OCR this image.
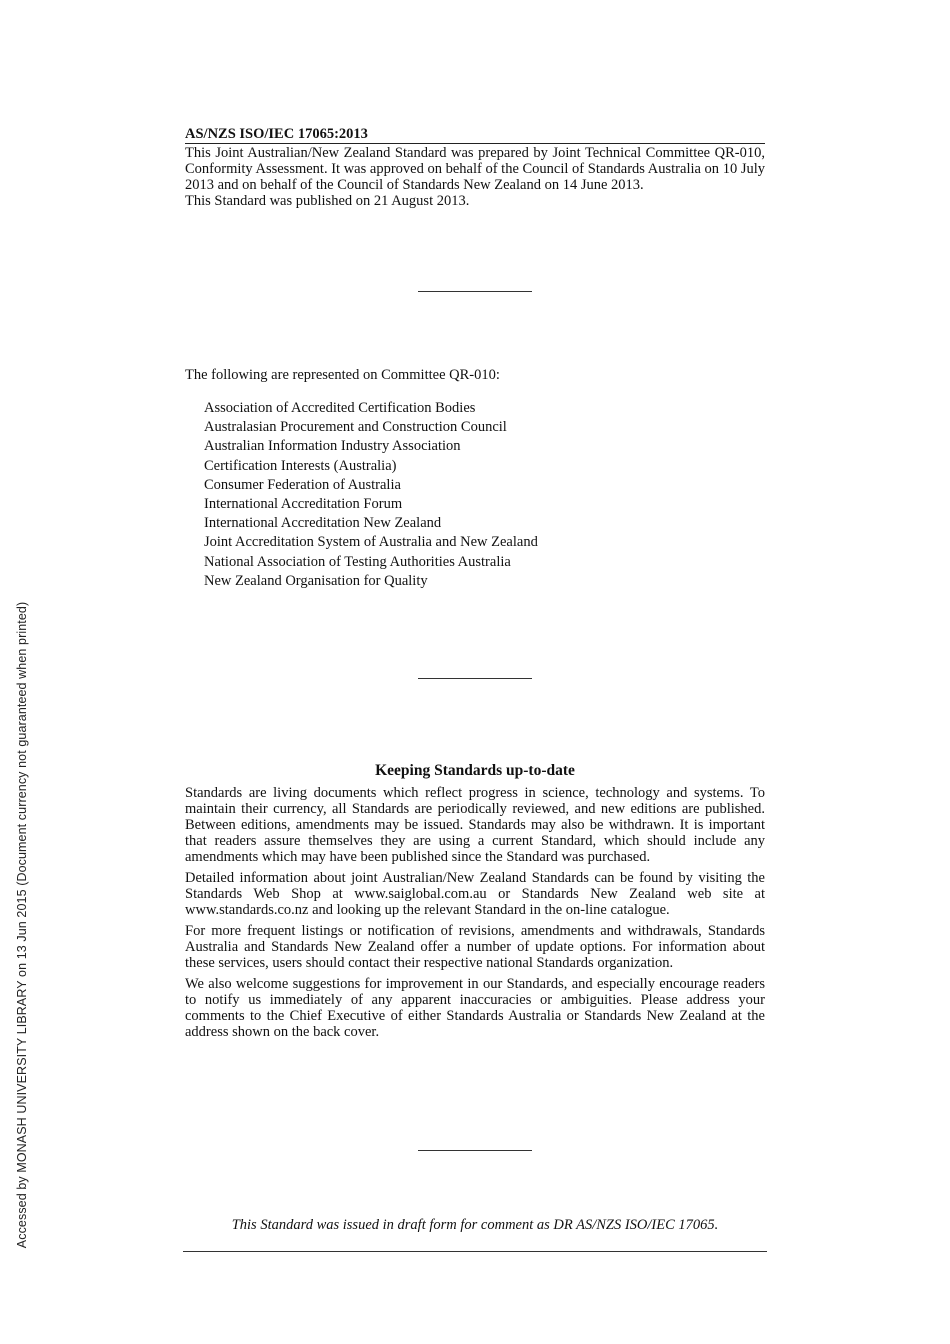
Accessed by MONASH UNIVERSITY LIBRARY on 13 Jun 2015 (Document currency not guaranteed when printed)
AS/NZS ISO/IEC 17065:2013

This Joint Australian/New Zealand Standard was prepared by Joint Technical Committee QR-010, Conformity Assessment. It was approved on behalf of the Council of Standards Australia on 10 July 2013 and on behalf of the Council of Standards New Zealand on 14 June 2013.

This Standard was published on 21 August 2013.

The following are represented on Committee QR-010:

Association of Accredited Certification Bodies
Australasian Procurement and Construction Council
Australian Information Industry Association
Certification Interests (Australia)
Consumer Federation of Australia
International Accreditation Forum
International Accreditation New Zealand
Joint Accreditation System of Australia and New Zealand
National Association of Testing Authorities Australia
New Zealand Organisation for Quality
Keeping Standards up-to-date

Standards are living documents which reflect progress in science, technology and systems. To maintain their currency, all Standards are periodically reviewed, and new editions are published. Between editions, amendments may be issued. Standards may also be withdrawn. It is important that readers assure themselves they are using a current Standard, which should include any amendments which may have been published since the Standard was purchased.

Detailed information about joint Australian/New Zealand Standards can be found by visiting the Standards Web Shop at www.saiglobal.com.au or Standards New Zealand web site at www.standards.co.nz and looking up the relevant Standard in the on-line catalogue.

For more frequent listings or notification of revisions, amendments and withdrawals, Standards Australia and Standards New Zealand offer a number of update options. For information about these services, users should contact their respective national Standards organization.

We also welcome suggestions for improvement in our Standards, and especially encourage readers to notify us immediately of any apparent inaccuracies or ambiguities. Please address your comments to the Chief Executive of either Standards Australia or Standards New Zealand at the address shown on the back cover.

This Standard was issued in draft form for comment as DR AS/NZS ISO/IEC 17065.
